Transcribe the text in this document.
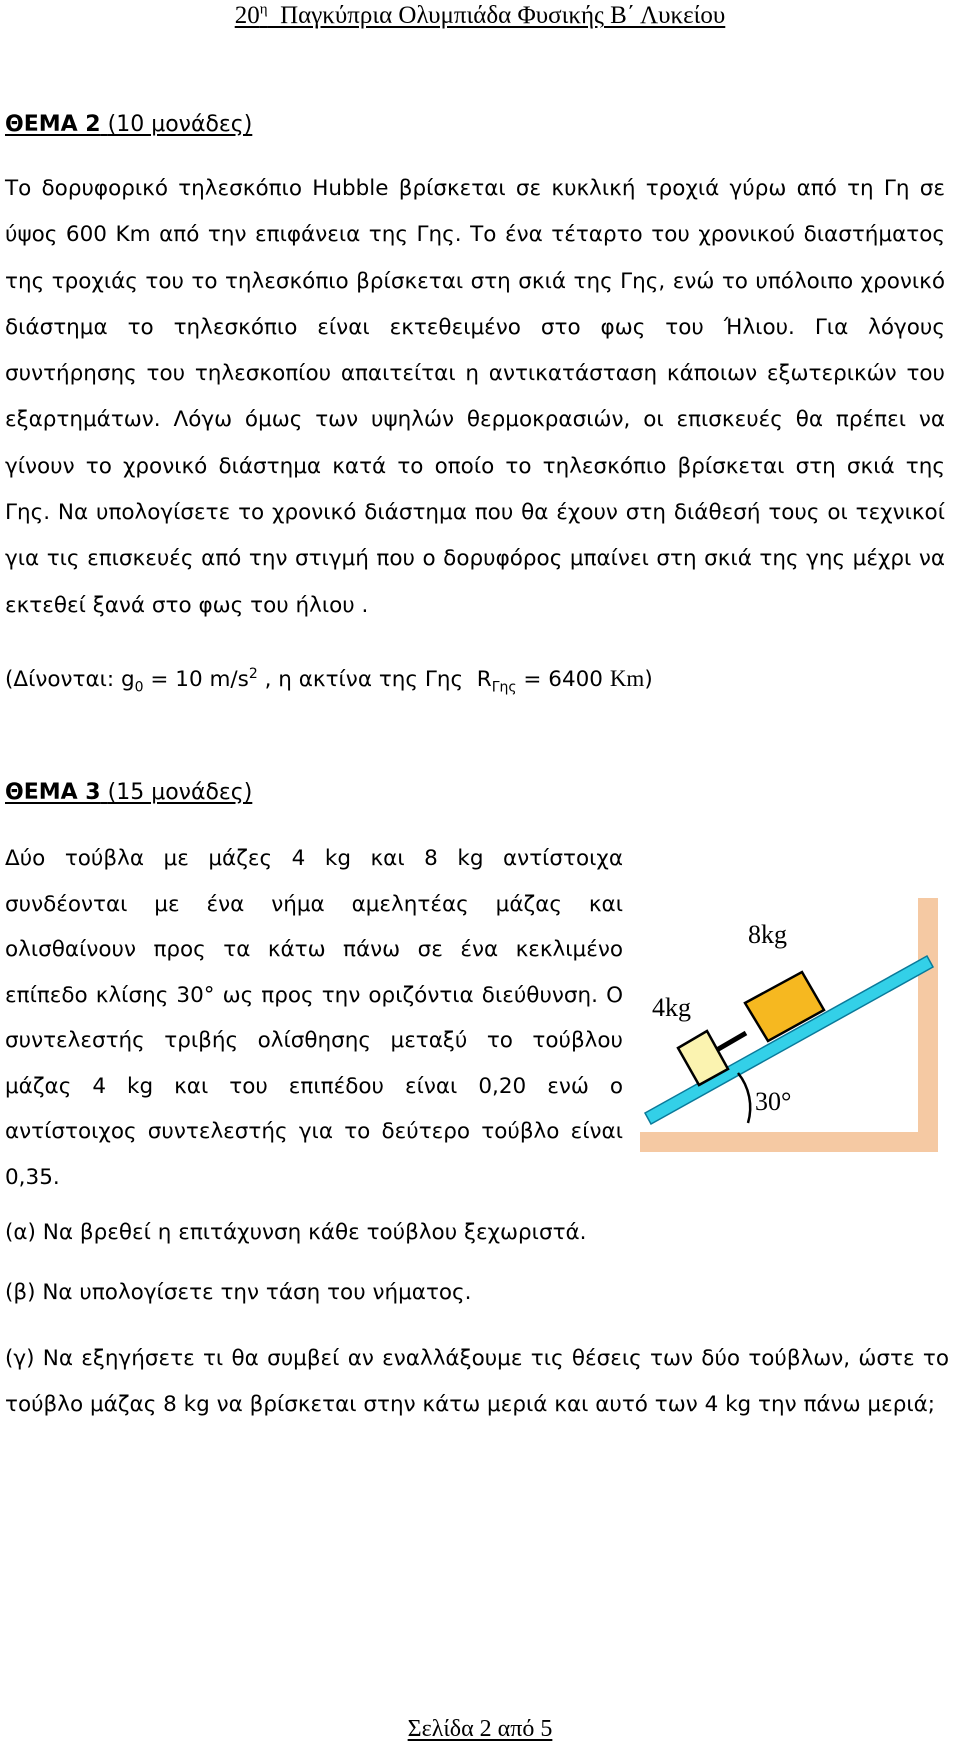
$20^\eta$  Παγκύπρια Ολυμπιάδα Φυσικής Β΄ Λυκείου
ΘΕΜΑ 2 (10 μονάδες)

Το δορυφορικό τηλεσκόπιο Hubble βρίσκεται σε κυκλική τροχιά γύρω από τη Γη σε ύψος 600 Km από την επιφάνεια της Γης. Το ένα τέταρτο του χρονικού διαστήματος της τροχιάς του το τηλεσκόπιο βρίσκεται στη σκιά της Γης, ενώ το υπόλοιπο χρονικό διάστημα το τηλεσκόπιο είναι εκτεθειμένο στο φως του Ήλιου. Για λόγους συντήρησης του τηλεσκοπίου απαιτείται η αντικατάσταση κάποιων εξωτερικών του εξαρτημάτων. Λόγω όμως των υψηλών θερμοκρασιών, οι επισκευές θα πρέπει να γίνουν το χρονικό διάστημα κατά το οποίο το τηλεσκόπιο βρίσκεται στη σκιά της Γης. Να υπολογίσετε το χρονικό διάστημα που θα έχουν στη διάθεσή τους οι τεχνικοί για τις επισκευές από την στιγμή που ο δορυφόρος μπαίνει στη σκιά της γης μέχρι να εκτεθεί ξανά στο φως του ήλιου .

(Δίνονται: $g_0 = 10$ $m/s^2$ , η ακτίνα της Γης  $R_{\Gamma\eta\varsigma} = 6400$ Km)
ΘΕΜΑ 3 (15 μονάδες)

Δύο τούβλα με μάζες 4 kg και 8 kg αντίστοιχα συνδέονται με ένα νήμα αμελητέας μάζας και ολισθαίνουν προς τα κάτω πάνω σε ένα κεκλιμένο επίπεδο κλίσης 30° ως προς την οριζόντια διεύθυνση. Ο συντελεστής τριβής ολίσθησης μεταξύ το τούβλου μάζας 4 kg και του επιπέδου είναι 0,20 ενώ ο αντίστοιχος συντελεστής για το δεύτερο τούβλο είναι 0,35.

8kg
4kg
30°

(α) Να βρεθεί η επιτάχυνση κάθε τούβλου ξεχωριστά.

(β) Να υπολογίσετε την τάση του νήματος.

(γ) Να εξηγήσετε τι θα συμβεί αν εναλλάξουμε τις θέσεις των δύο τούβλων, ώστε το τούβλο μάζας 8 kg να βρίσκεται στην κάτω μεριά και αυτό των 4 kg την πάνω μεριά;

Σελίδα 2 από 5
